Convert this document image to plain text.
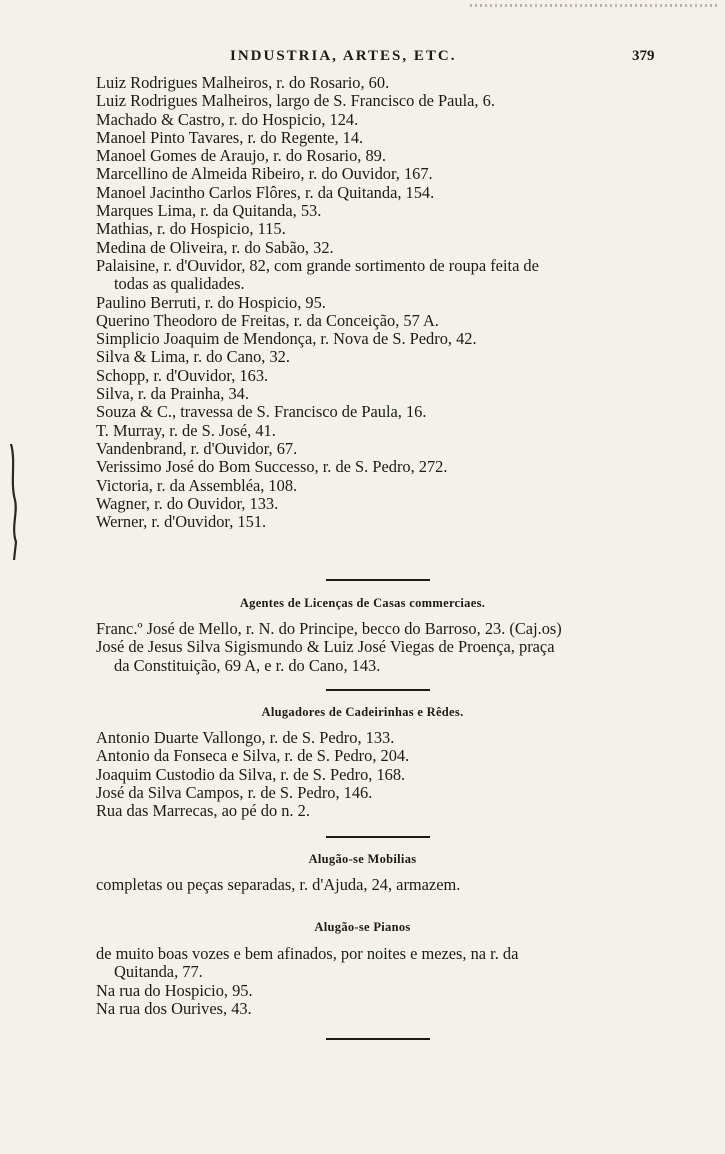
INDUSTRIA, ARTES, ETC.	379
Luiz Rodrigues Malheiros, r. do Rosario, 60.
Luiz Rodrigues Malheiros, largo de S. Francisco de Paula, 6.
Machado & Castro, r. do Hospicio, 124.
Manoel Pinto Tavares, r. do Regente, 14.
Manoel Gomes de Araujo, r. do Rosario, 89.
Marcellino de Almeida Ribeiro, r. do Ouvidor, 167.
Manoel Jacintho Carlos Flôres, r. da Quitanda, 154.
Marques Lima, r. da Quitanda, 53.
Mathias, r. do Hospicio, 115.
Medina de Oliveira, r. do Sabão, 32.
Palaisine, r. d'Ouvidor, 82, com grande sortimento de roupa feita de
todas as qualidades.
Paulino Berruti, r. do Hospicio, 95.
Querino Theodoro de Freitas, r. da Conceição, 57 A.
Simplicio Joaquim de Mendonça, r. Nova de S. Pedro, 42.
Silva & Lima, r. do Cano, 32.
Schopp, r. d'Ouvidor, 163.
Silva, r. da Prainha, 34.
Souza & C., travessa de S. Francisco de Paula, 16.
T. Murray, r. de S. José, 41.
Vandenbrand, r. d'Ouvidor, 67.
Verissimo José do Bom Successo, r. de S. Pedro, 272.
Victoria, r. da Assembléa, 108.
Wagner, r. do Ouvidor, 133.
Werner, r. d'Ouvidor, 151.
Agentes de Licenças de Casas commerciaes.
Franc.º José de Mello, r. N. do Principe, becco do Barroso, 23. (Caj.os)
José de Jesus Silva Sigismundo & Luiz José Viegas de Proença, praça
da Constituição, 69 A, e r. do Cano, 143.
Alugadores de Cadeirinhas e Rêdes.
Antonio Duarte Vallongo, r. de S. Pedro, 133.
Antonio da Fonseca e Silva, r. de S. Pedro, 204.
Joaquim Custodio da Silva, r. de S. Pedro, 168.
José da Silva Campos, r. de S. Pedro, 146.
Rua das Marrecas, ao pé do n. 2.
Alugão-se Mobilias
completas ou peças separadas, r. d'Ajuda, 24, armazem.
Alugão-se Pianos
de muito boas vozes e bem afinados, por noites e mezes, na r. da
Quitanda, 77.
Na rua do Hospicio, 95.
Na rua dos Ourives, 43.
